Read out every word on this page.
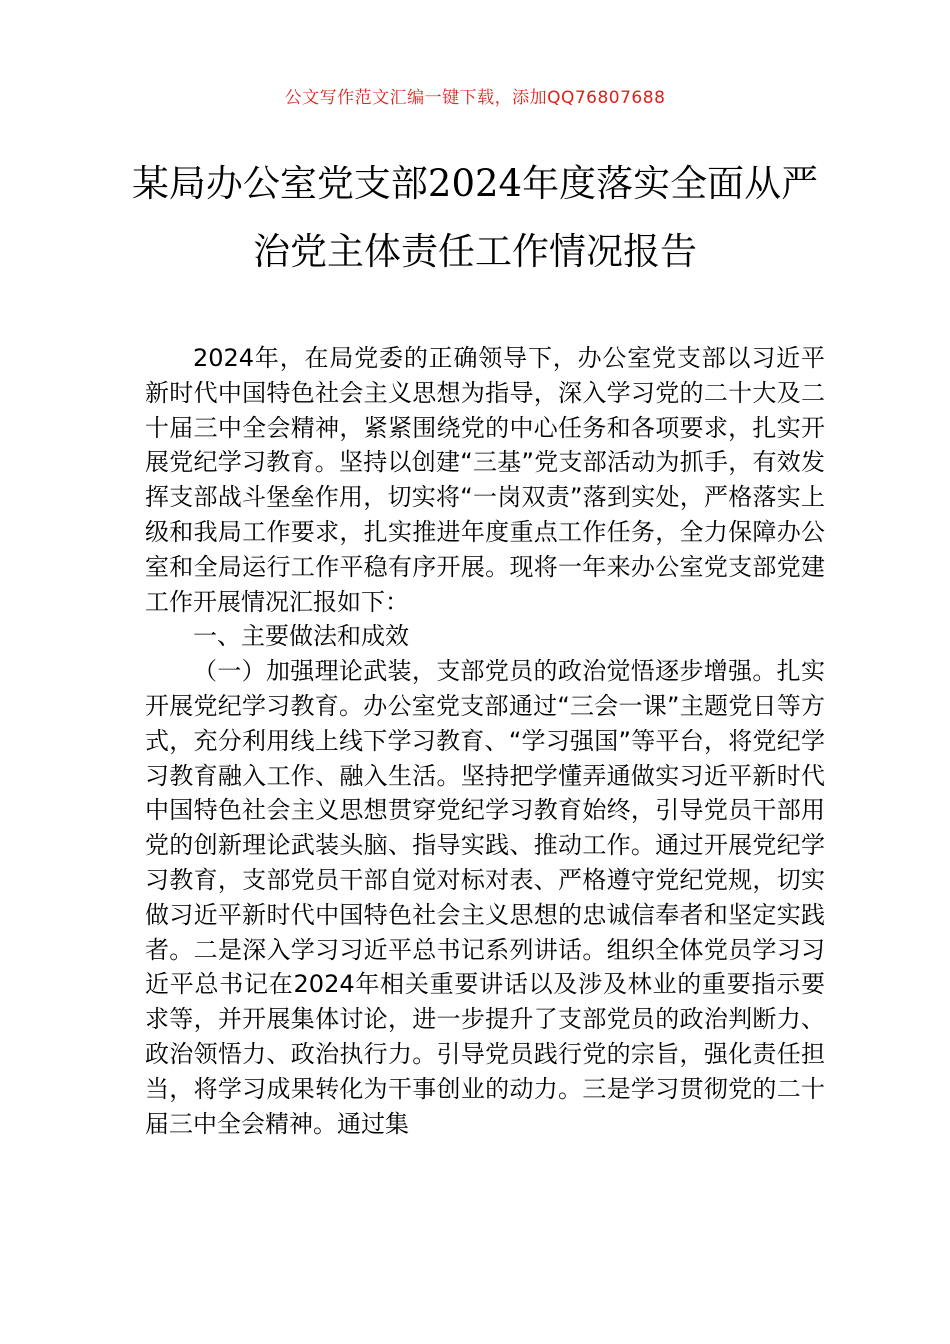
公文写作范文汇编一键下载，添加QQ76807688
某局办公室党支部2024年度落实全面从严
治党主体责任工作情况报告

2024年，在局党委的正确领导下，办公室党支部以习近平新时代中国特色社会主义思想为指导，深入学习党的二十大及二十届三中全会精神，紧紧围绕党的中心任务和各项要求，扎实开展党纪学习教育。坚持以创建“三基”党支部活动为抓手，有效发挥支部战斗堡垒作用，切实将“一岗双责”落到实处，严格落实上级和我局工作要求，扎实推进年度重点工作任务，全力保障办公室和全局运行工作平稳有序开展。现将一年来办公室党支部党建工作开展情况汇报如下：

一、主要做法和成效

（一）加强理论武装，支部党员的政治觉悟逐步增强。扎实开展党纪学习教育。办公室党支部通过“三会一课”主题党日等方式，充分利用线上线下学习教育、“学习强国”等平台，将党纪学习教育融入工作、融入生活。坚持把学懂弄通做实习近平新时代中国特色社会主义思想贯穿党纪学习教育始终，引导党员干部用党的创新理论武装头脑、指导实践、推动工作。通过开展党纪学习教育，支部党员干部自觉对标对表、严格遵守党纪党规，切实做习近平新时代中国特色社会主义思想的忠诚信奉者和坚定实践者。二是深入学习习近平总书记系列讲话。组织全体党员学习习近平总书记在2024年相关重要讲话以及涉及林业的重要指示要求等，并开展集体讨论，进一步提升了支部党员的政治判断力、政治领悟力、政治执行力。引导党员践行党的宗旨，强化责任担当，将学习成果转化为干事创业的动力。三是学习贯彻党的二十届三中全会精神。通过集
